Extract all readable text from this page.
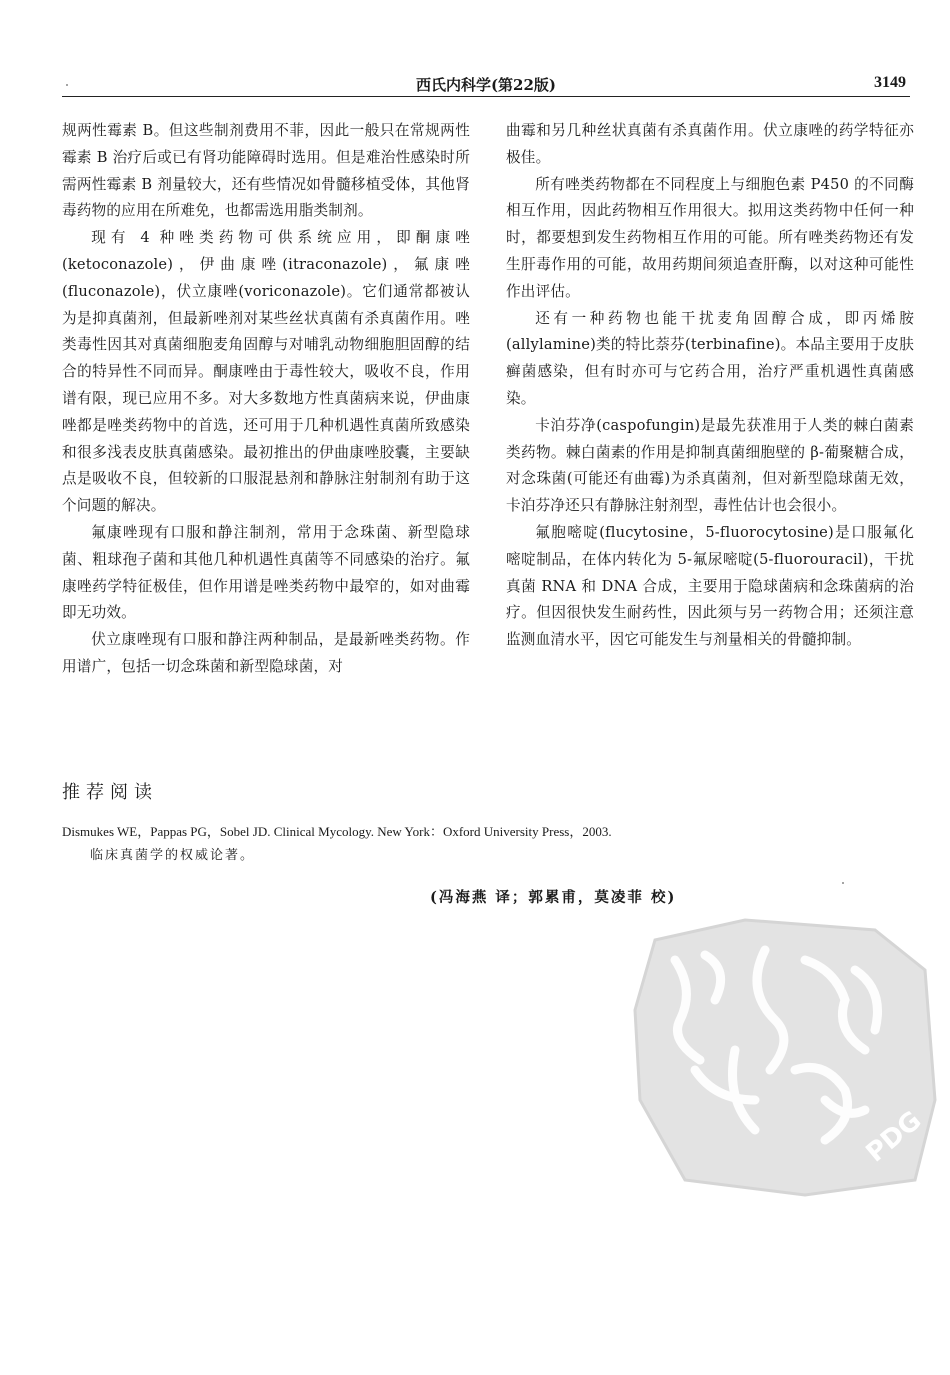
西氏内科学(第22版)	3149

规两性霉素 B。但这些制剂费用不菲，因此一般只在常规两性霉素 B 治疗后或已有肾功能障碍时选用。但是难治性感染时所需两性霉素 B 剂量较大，还有些情况如骨髓移植受体，其他肾毒药物的应用在所难免，也都需选用脂类制剂。

现有 4 种唑类药物可供系统应用，即酮康唑(ketoconazole)，伊曲康唑(itraconazole)，氟康唑(fluconazole)，伏立康唑(voriconazole)。它们通常都被认为是抑真菌剂，但最新唑剂对某些丝状真菌有杀真菌作用。唑类毒性因其对真菌细胞麦角固醇与对哺乳动物细胞胆固醇的结合的特异性不同而异。酮康唑由于毒性较大，吸收不良，作用谱有限，现已应用不多。对大多数地方性真菌病来说，伊曲康唑都是唑类药物中的首选，还可用于几种机遇性真菌所致感染和很多浅表皮肤真菌感染。最初推出的伊曲康唑胶囊，主要缺点是吸收不良，但较新的口服混悬剂和静脉注射制剂有助于这个问题的解决。

氟康唑现有口服和静注制剂，常用于念珠菌、新型隐球菌、粗球孢子菌和其他几种机遇性真菌等不同感染的治疗。氟康唑药学特征极佳，但作用谱是唑类药物中最窄的，如对曲霉即无功效。

伏立康唑现有口服和静注两种制品，是最新唑类药物。作用谱广，包括一切念珠菌和新型隐球菌，对

曲霉和另几种丝状真菌有杀真菌作用。伏立康唑的药学特征亦极佳。

所有唑类药物都在不同程度上与细胞色素 P450 的不同酶相互作用，因此药物相互作用很大。拟用这类药物中任何一种时，都要想到发生药物相互作用的可能。所有唑类药物还有发生肝毒作用的可能，故用药期间须追查肝酶，以对这种可能性作出评估。

还有一种药物也能干扰麦角固醇合成，即丙烯胺(allylamine)类的特比萘芬(terbinafine)。本品主要用于皮肤癣菌感染，但有时亦可与它药合用，治疗严重机遇性真菌感染。

卡泊芬净(caspofungin)是最先获准用于人类的棘白菌素类药物。棘白菌素的作用是抑制真菌细胞壁的 β-葡聚糖合成，对念珠菌(可能还有曲霉)为杀真菌剂，但对新型隐球菌无效，卡泊芬净还只有静脉注射剂型，毒性估计也会很小。

氟胞嘧啶(flucytosine，5-fluorocytosine)是口服氟化嘧啶制品，在体内转化为 5-氟尿嘧啶(5-fluorouracil)，干扰真菌 RNA 和 DNA 合成，主要用于隐球菌病和念珠菌病的治疗。但因很快发生耐药性，因此须与另一药物合用；还须注意监测血清水平，因它可能发生与剂量相关的骨髓抑制。

推荐阅读
Dismukes WE，Pappas PG，Sobel JD. Clinical Mycology. New York：Oxford University Press，2003.
临床真菌学的权威论著。
(冯海燕 译；郭累甫，莫凌菲 校)
PDG
